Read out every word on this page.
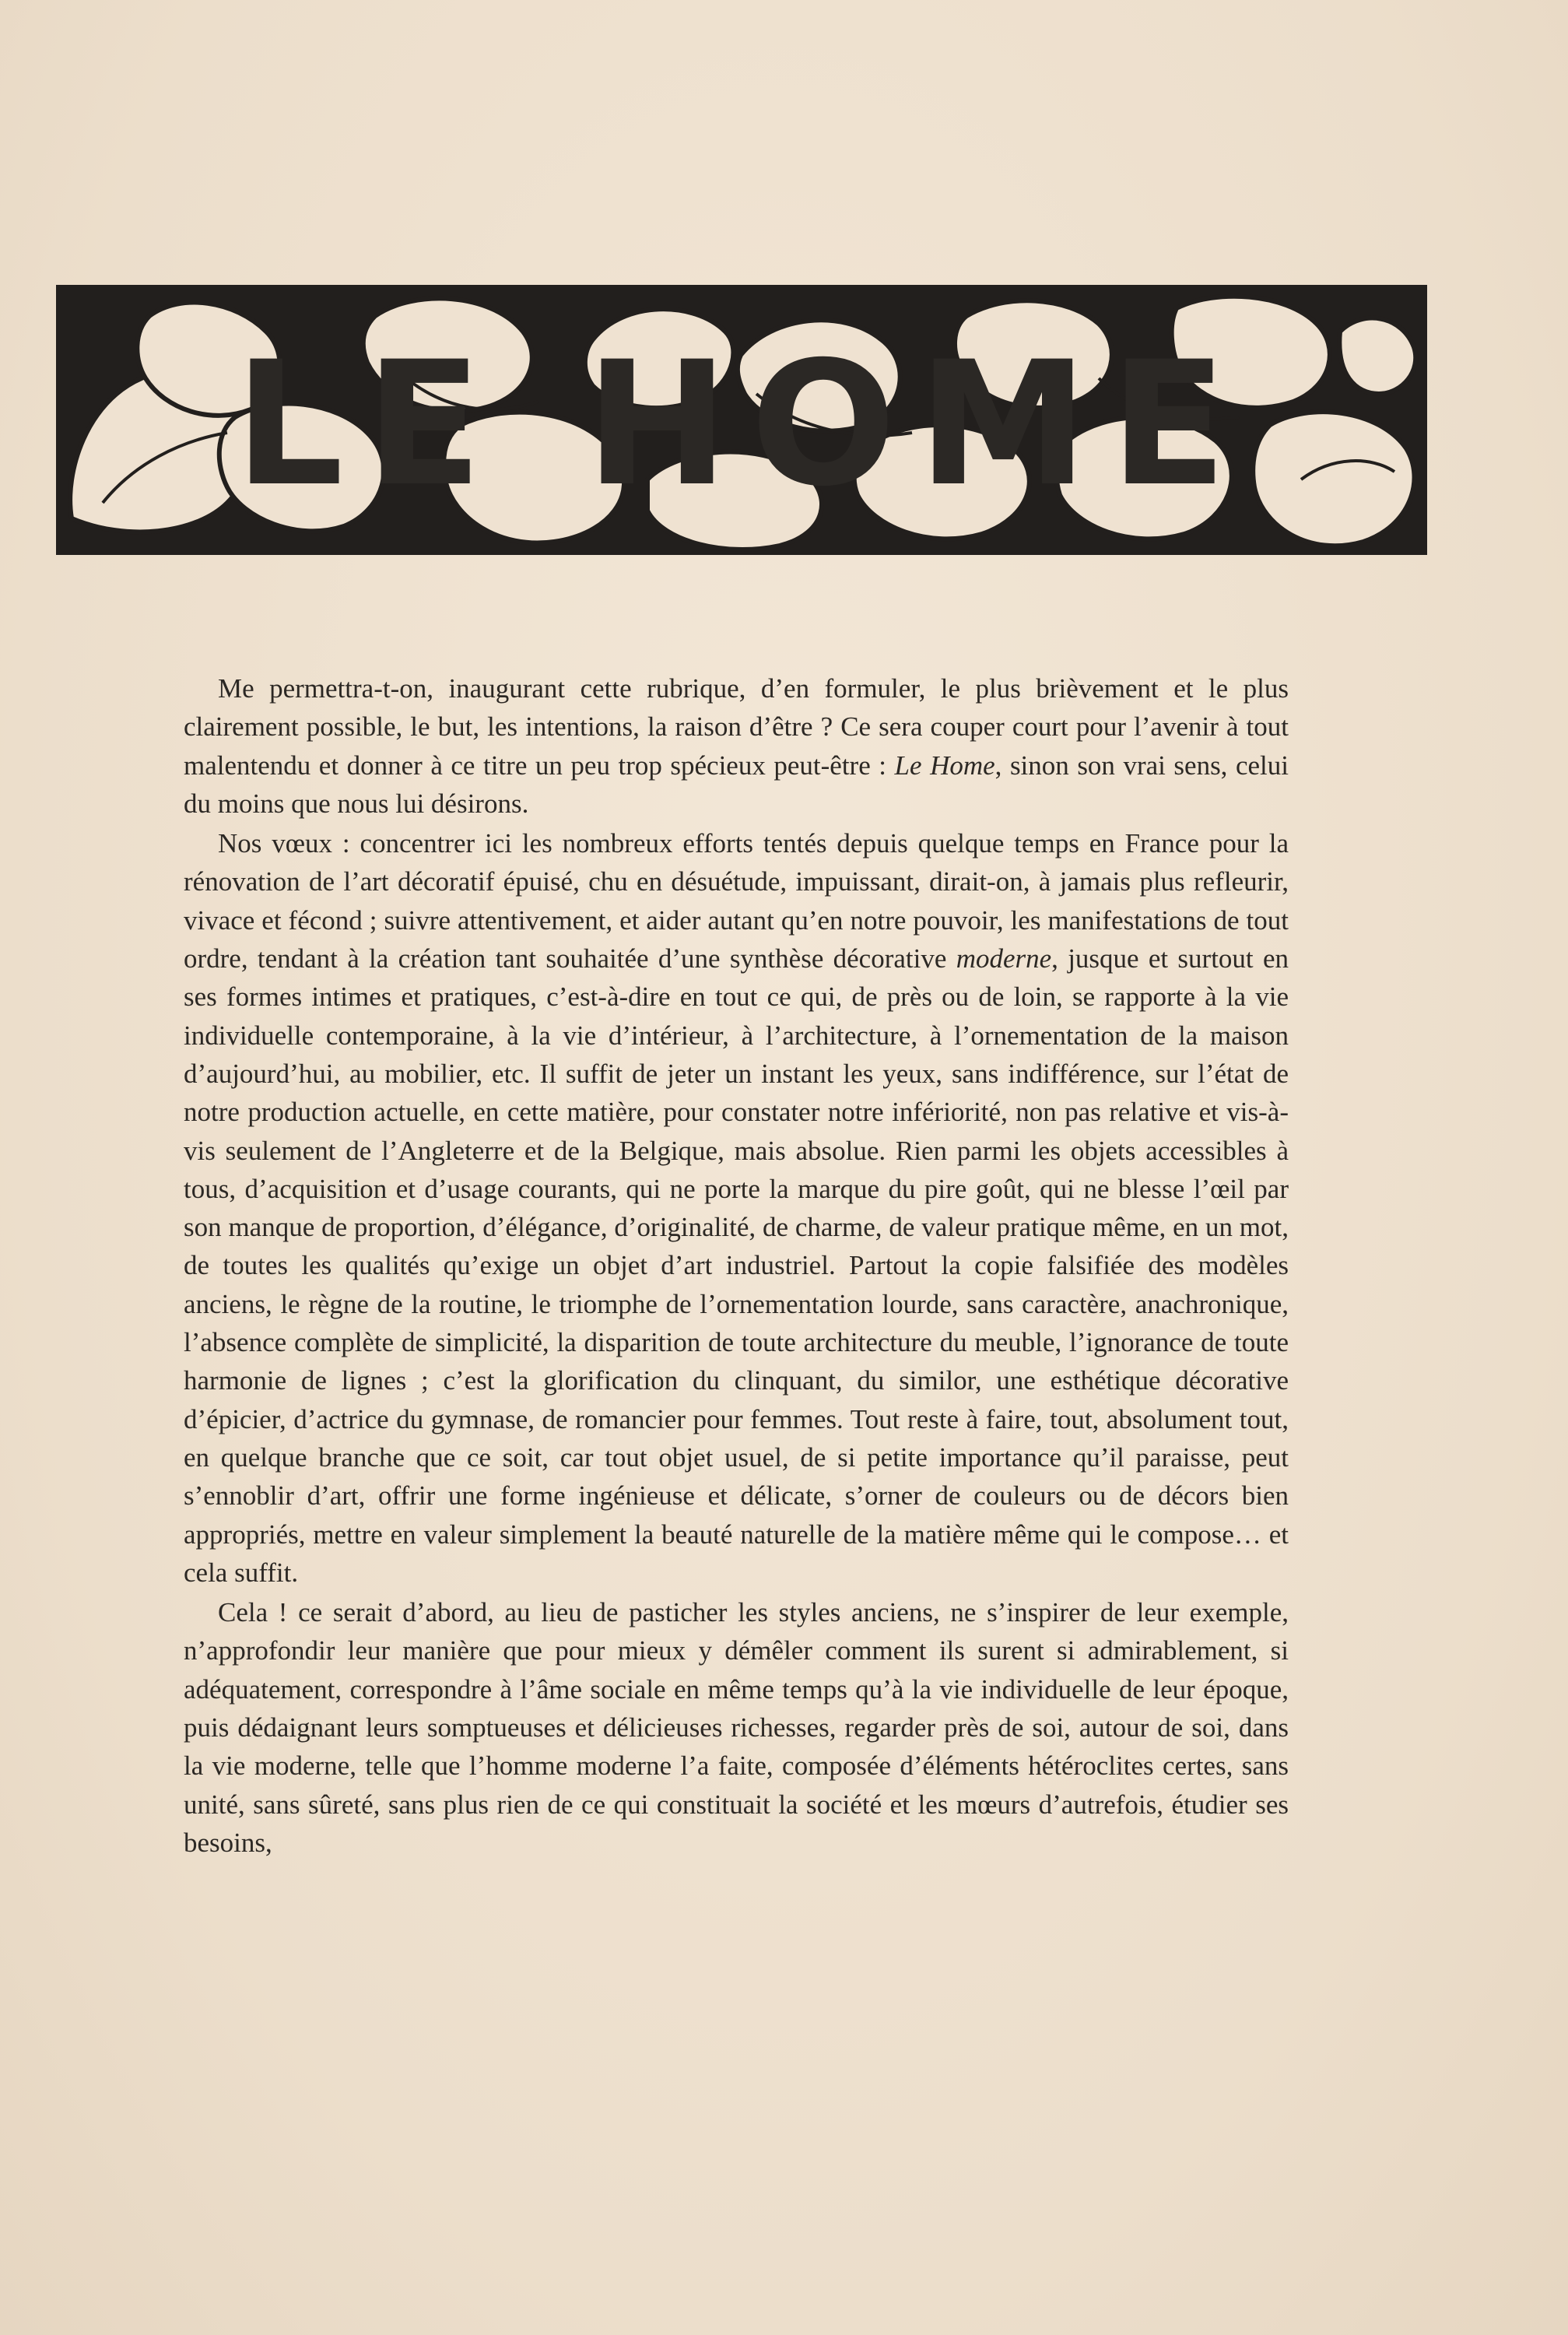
LE HOME

Me permettra-t-on, inaugurant cette rubrique, d’en formuler, le plus brièvement et le plus clairement possible, le but, les intentions, la raison d’être ? Ce sera couper court pour l’avenir à tout malentendu et donner à ce titre un peu trop spécieux peut-être : Le Home, sinon son vrai sens, celui du moins que nous lui désirons.

Nos vœux : concentrer ici les nombreux efforts tentés depuis quelque temps en France pour la rénovation de l’art décoratif épuisé, chu en désuétude, impuissant, dirait-on, à jamais plus refleurir, vivace et fécond ; suivre attentivement, et aider autant qu’en notre pouvoir, les manifestations de tout ordre, tendant à la création tant souhaitée d’une synthèse décorative moderne, jusque et surtout en ses formes intimes et pratiques, c’est-à-dire en tout ce qui, de près ou de loin, se rapporte à la vie individuelle contemporaine, à la vie d’intérieur, à l’architecture, à l’ornementation de la maison d’aujourd’hui, au mobilier, etc. Il suffit de jeter un instant les yeux, sans indifférence, sur l’état de notre production actuelle, en cette matière, pour constater notre infériorité, non pas relative et vis-à-vis seulement de l’Angleterre et de la Belgique, mais absolue. Rien parmi les objets accessibles à tous, d’acquisition et d’usage courants, qui ne porte la marque du pire goût, qui ne blesse l’œil par son manque de proportion, d’élégance, d’originalité, de charme, de valeur pratique même, en un mot, de toutes les qualités qu’exige un objet d’art industriel. Partout la copie falsifiée des modèles anciens, le règne de la routine, le triomphe de l’ornementation lourde, sans caractère, anachronique, l’absence complète de simplicité, la disparition de toute architecture du meuble, l’ignorance de toute harmonie de lignes ; c’est la glorification du clinquant, du similor, une esthétique décorative d’épicier, d’actrice du gymnase, de romancier pour femmes. Tout reste à faire, tout, absolument tout, en quelque branche que ce soit, car tout objet usuel, de si petite importance qu’il paraisse, peut s’ennoblir d’art, offrir une forme ingénieuse et délicate, s’orner de couleurs ou de décors bien appropriés, mettre en valeur simplement la beauté naturelle de la matière même qui le compose… et cela suffit.

Cela ! ce serait d’abord, au lieu de pasticher les styles anciens, ne s’inspirer de leur exemple, n’approfondir leur manière que pour mieux y démêler comment ils surent si admirablement, si adéquatement, correspondre à l’âme sociale en même temps qu’à la vie individuelle de leur époque, puis dédaignant leurs somptueuses et délicieuses richesses, regarder près de soi, autour de soi, dans la vie moderne, telle que l’homme moderne l’a faite, composée d’éléments hétéroclites certes, sans unité, sans sûreté, sans plus rien de ce qui constituait la société et les mœurs d’autrefois, étudier ses besoins,
